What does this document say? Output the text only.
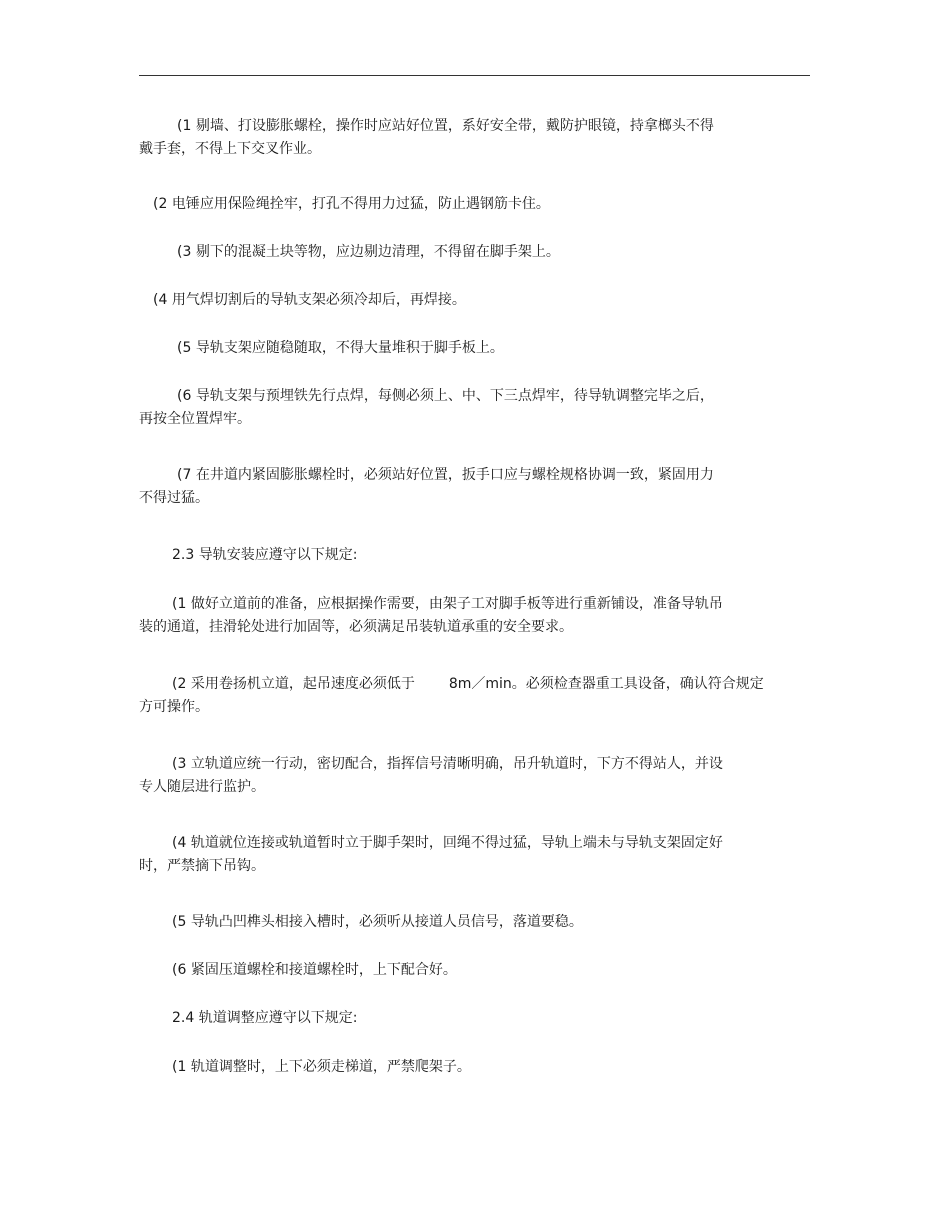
(1 剔墙、打设膨胀螺栓，操作时应站好位置，系好安全带，戴防护眼镜，持拿榔头不得
戴手套，不得上下交叉作业。
(2 电锤应用保险绳拴牢，打孔不得用力过猛，防止遇钢筋卡住。
(3 剔下的混凝土块等物，应边剔边清理，不得留在脚手架上。
(4 用气焊切割后的导轨支架必须冷却后，再焊接。
(5 导轨支架应随稳随取，不得大量堆积于脚手板上。
(6 导轨支架与预埋铁先行点焊，每侧必须上、中、下三点焊牢，待导轨调整完毕之后，
再按全位置焊牢。
(7 在井道内紧固膨胀螺栓时，必须站好位置，扳手口应与螺栓规格协调一致，紧固用力
不得过猛。
2.3 导轨安装应遵守以下规定:
(1 做好立道前的准备，应根据操作需要，由架子工对脚手板等进行重新铺设，准备导轨吊
装的通道，挂滑轮处进行加固等，必须满足吊装轨道承重的安全要求。
(2 采用卷扬机立道，起吊速度必须低于 8m／min。必须检查器重工具设备，确认符合规定
方可操作。
(3 立轨道应统一行动，密切配合，指挥信号清晰明确，吊升轨道时，下方不得站人，并设
专人随层进行监护。
(4 轨道就位连接或轨道暂时立于脚手架时，回绳不得过猛，导轨上端未与导轨支架固定好
时，严禁摘下吊钩。
(5 导轨凸凹榫头相接入槽时，必须听从接道人员信号，落道要稳。
(6 紧固压道螺栓和接道螺栓时，上下配合好。
2.4 轨道调整应遵守以下规定:
(1 轨道调整时，上下必须走梯道，严禁爬架子。
